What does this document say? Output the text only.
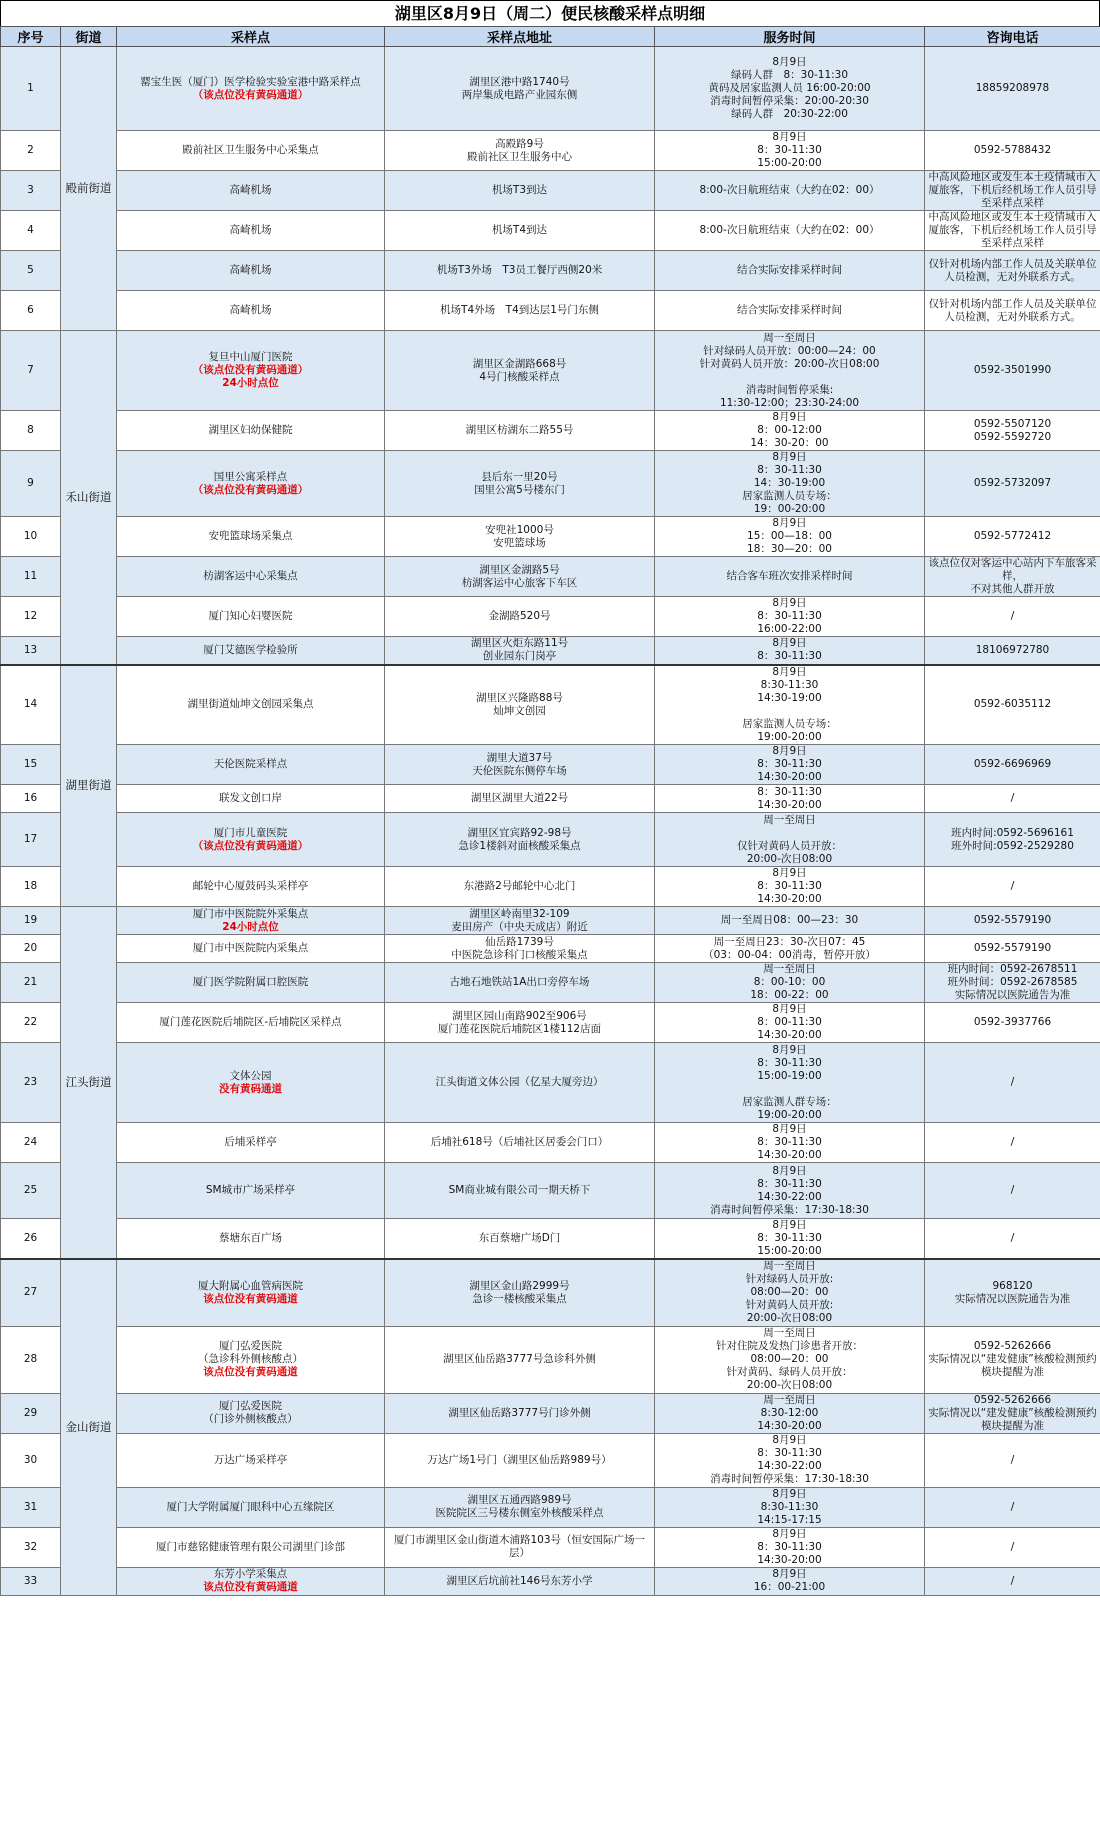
湖里区8月9日（周二）便民核酸采样点明细
序号	街道	采样点	采样点地址	服务时间	咨询电话
1	殿前街道	罂宝生医（厦门）医学检验实验室港中路采样点
（该点位没有黄码通道）	湖里区港中路1740号
两岸集成电路产业园东侧	8月9日
绿码人群　8：30-11:30
黄码及居家监测人员 16:00-20:00
消毒时间暂停采集：20:00-20:30
绿码人群　20:30-22:00	18859208978
2		殿前社区卫生服务中心采集点	高殿路9号
殿前社区卫生服务中心	8月9日
8：30-11:30
15:00-20:00	0592-5788432
3		高崎机场	机场T3到达	8:00-次日航班结束（大约在02：00）	中高风险地区或发生本土疫情城市入厦旅客，下机后经机场工作人员引导至采样点采样
4		高崎机场	机场T4到达	8:00-次日航班结束（大约在02：00）	中高风险地区或发生本土疫情城市入厦旅客，下机后经机场工作人员引导至采样点采样
5		高崎机场	机场T3外场　T3员工餐厅西侧20米	结合实际安排采样时间	仅针对机场内部工作人员及关联单位人员检测，无对外联系方式。
6		高崎机场	机场T4外场　T4到达层1号门东侧	结合实际安排采样时间	仅针对机场内部工作人员及关联单位人员检测，无对外联系方式。
7	禾山街道	复旦中山厦门医院
（该点位没有黄码通道）
24小时点位	湖里区金湖路668号
4号门核酸采样点	周一至周日
针对绿码人员开放：00:00—24：00
针对黄码人员开放：20:00-次日08:00

消毒时间暂停采集:
11:30-12:00；23:30-24:00	0592-3501990
8		湖里区妇幼保健院	湖里区枋湖东二路55号	8月9日
8：00-12:00
14：30-20：00	0592-5507120
0592-5592720
9		国里公寓采样点
（该点位没有黄码通道）	县后东一里20号
国里公寓5号楼东门	8月9日
8：30-11:30
14：30-19:00
居家监测人员专场：
19：00-20:00	0592-5732097
10		安兜篮球场采集点	安兜社1000号
安兜篮球场	8月9日
15：00—18：00
18：30—20：00	0592-5772412
11		枋湖客运中心采集点	湖里区金湖路5号
枋湖客运中心旅客下车区	结合客车班次安排采样时间	该点位仅对客运中心站内下车旅客采样，
不对其他人群开放
12		厦门知心妇婴医院	金湖路520号	8月9日
8：30-11:30
16:00-22:00	/
13		厦门艾德医学检验所	湖里区火炬东路11号
创业园东门岗亭	8月9日
8：30-11:30	18106972780
14	湖里街道	湖里街道灿坤文创园采集点	湖里区兴隆路88号
灿坤文创园	8月9日
8:30-11:30
14:30-19:00

居家监测人员专场：
19:00-20:00	0592-6035112
15		天伦医院采样点	湖里大道37号
天伦医院东侧停车场	8月9日
8：30-11:30
14:30-20:00	0592-6696969
16		联发文创口岸	湖里区湖里大道22号	8：30-11:30
14:30-20:00	/
17		厦门市儿童医院
（该点位没有黄码通道）	湖里区宜宾路92-98号
急诊1楼斜对面核酸采集点	周一至周日

仅针对黄码人员开放：
20:00-次日08:00	班内时间:0592-5696161
班外时间:0592-2529280
18		邮轮中心厦鼓码头采样亭	东港路2号邮轮中心北门	8月9日
8：30-11:30
14:30-20:00	/
19	江头街道	厦门市中医院院外采集点
24小时点位	湖里区岭南里32-109
麦田房产（中央天成店）附近	周一至周日08：00—23：30	0592-5579190
20		厦门市中医院院内采集点	仙岳路1739号
中医院急诊科门口核酸采集点	周一至周日23：30-次日07：45
（03：00-04：00消毒，暂停开放）	0592-5579190
21		厦门医学院附属口腔医院	古地石地铁站1A出口旁停车场	周一至周日
8：00-10：00
18：00-22：00	班内时间：0592-2678511
班外时间：0592-2678585
实际情况以医院通告为准
22		厦门莲花医院后埔院区-后埔院区采样点	湖里区园山南路902至906号
厦门莲花医院后埔院区1楼112店面	8月9日
8：00-11:30
14:30-20:00	0592-3937766
23		文体公园
没有黄码通道	江头街道文体公园（亿星大厦旁边）	8月9日
8：30-11:30
15:00-19:00

居家监测人群专场：
19:00-20:00	/
24		后埔采样亭	后埔社618号（后埔社区居委会门口）	8月9日
8：30-11:30
14:30-20:00	/
25		SM城市广场采样亭	SM商业城有限公司一期天桥下	8月9日
8：30-11:30
14:30-22:00
消毒时间暂停采集：17:30-18:30	/
26		蔡塘东百广场	东百蔡塘广场D门	8月9日
8：30-11:30
15:00-20:00	/
27	金山街道	厦大附属心血管病医院
该点位没有黄码通道	湖里区金山路2999号
急诊一楼核酸采集点	周一至周日
针对绿码人员开放:
08:00—20：00
针对黄码人员开放:
20:00-次日08:00	968120
实际情况以医院通告为准
28		厦门弘爱医院
（急诊科外侧核酸点）
该点位没有黄码通道	湖里区仙岳路3777号急诊科外侧	周一至周日
针对住院及发热门诊患者开放：
08:00—20：00
针对黄码、绿码人员开放：
20:00-次日08:00	0592-5262666
实际情况以“建发健康”核酸检测预约模块提醒为准
29		厦门弘爱医院
（门诊外侧核酸点）	湖里区仙岳路3777号门诊外侧	周一至周日
8:30-12:00
14:30-20:00	0592-5262666
实际情况以“建发健康”核酸检测预约模块提醒为准
30		万达广场采样亭	万达广场1号门（湖里区仙岳路989号）	8月9日
8：30-11:30
14:30-22:00
消毒时间暂停采集：17:30-18:30	/
31		厦门大学附属厦门眼科中心五缘院区	湖里区五通西路989号
医院院区三号楼东侧室外核酸采样点	8月9日
8:30-11:30
14:15-17:15	/
32		厦门市慈铭健康管理有限公司湖里门诊部	厦门市湖里区金山街道木浦路103号（恒安国际广场一层）	8月9日
8：30-11:30
14:30-20:00	/
33		东芳小学采集点
该点位没有黄码通道	湖里区后坑前社146号东芳小学	8月9日
16：00-21:00	/
